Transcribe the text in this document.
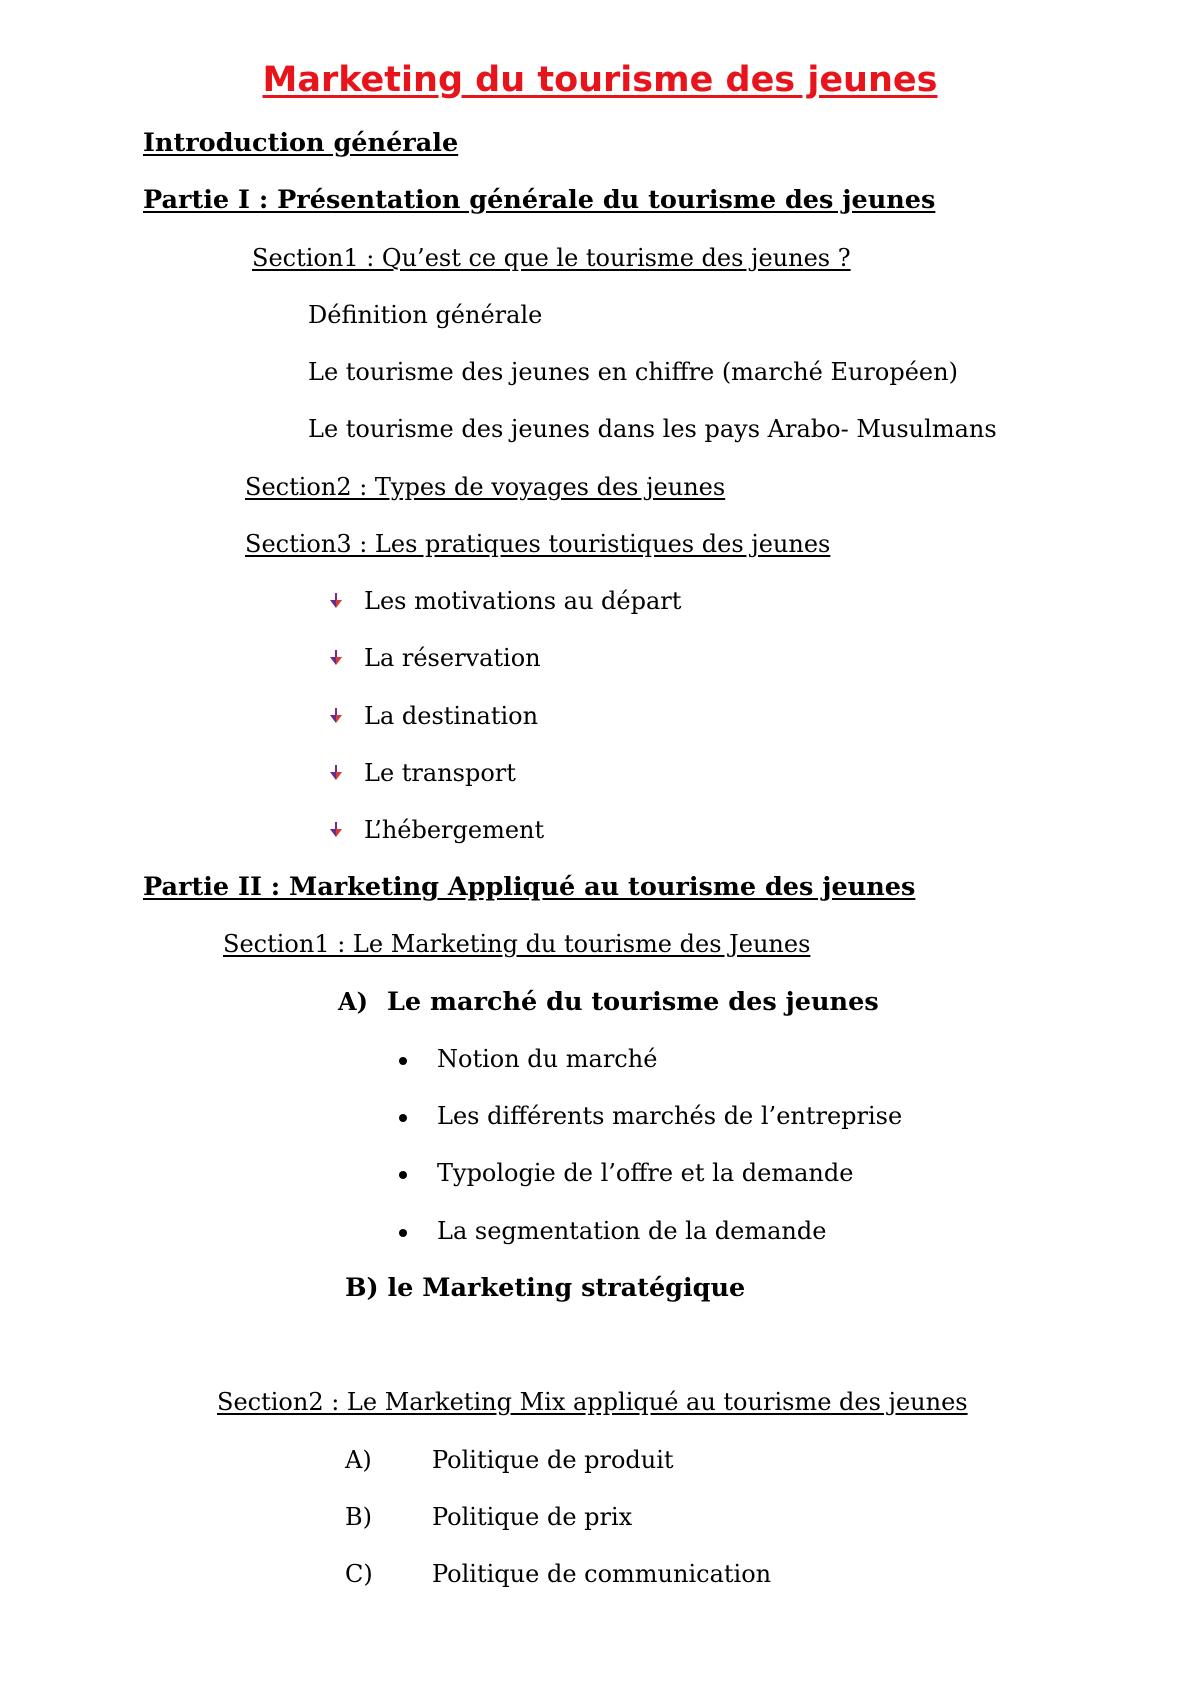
Marketing du tourisme des jeunes
Introduction générale
Partie I : Présentation générale du tourisme des jeunes
Section1 : Qu’est ce que le tourisme des jeunes ?
Définition générale
Le tourisme des jeunes en chiffre (marché Européen)
Le tourisme des jeunes dans les pays Arabo- Musulmans
Section2 : Types de voyages des jeunes
Section3 : Les pratiques touristiques des jeunes
Les motivations au départ
La réservation
La destination
Le transport
L’hébergement
Partie II : Marketing Appliqué au tourisme des jeunes
Section1 : Le Marketing du tourisme des Jeunes
A) Le marché du tourisme des jeunes
Notion du marché
Les différents marchés de l’entreprise
Typologie de l’offre et la demande
La segmentation de la demande
B) le Marketing stratégique
Section2 : Le Marketing Mix appliqué au tourisme des jeunes
A)	Politique de produit
B)	Politique de prix
C) Politique de communication
